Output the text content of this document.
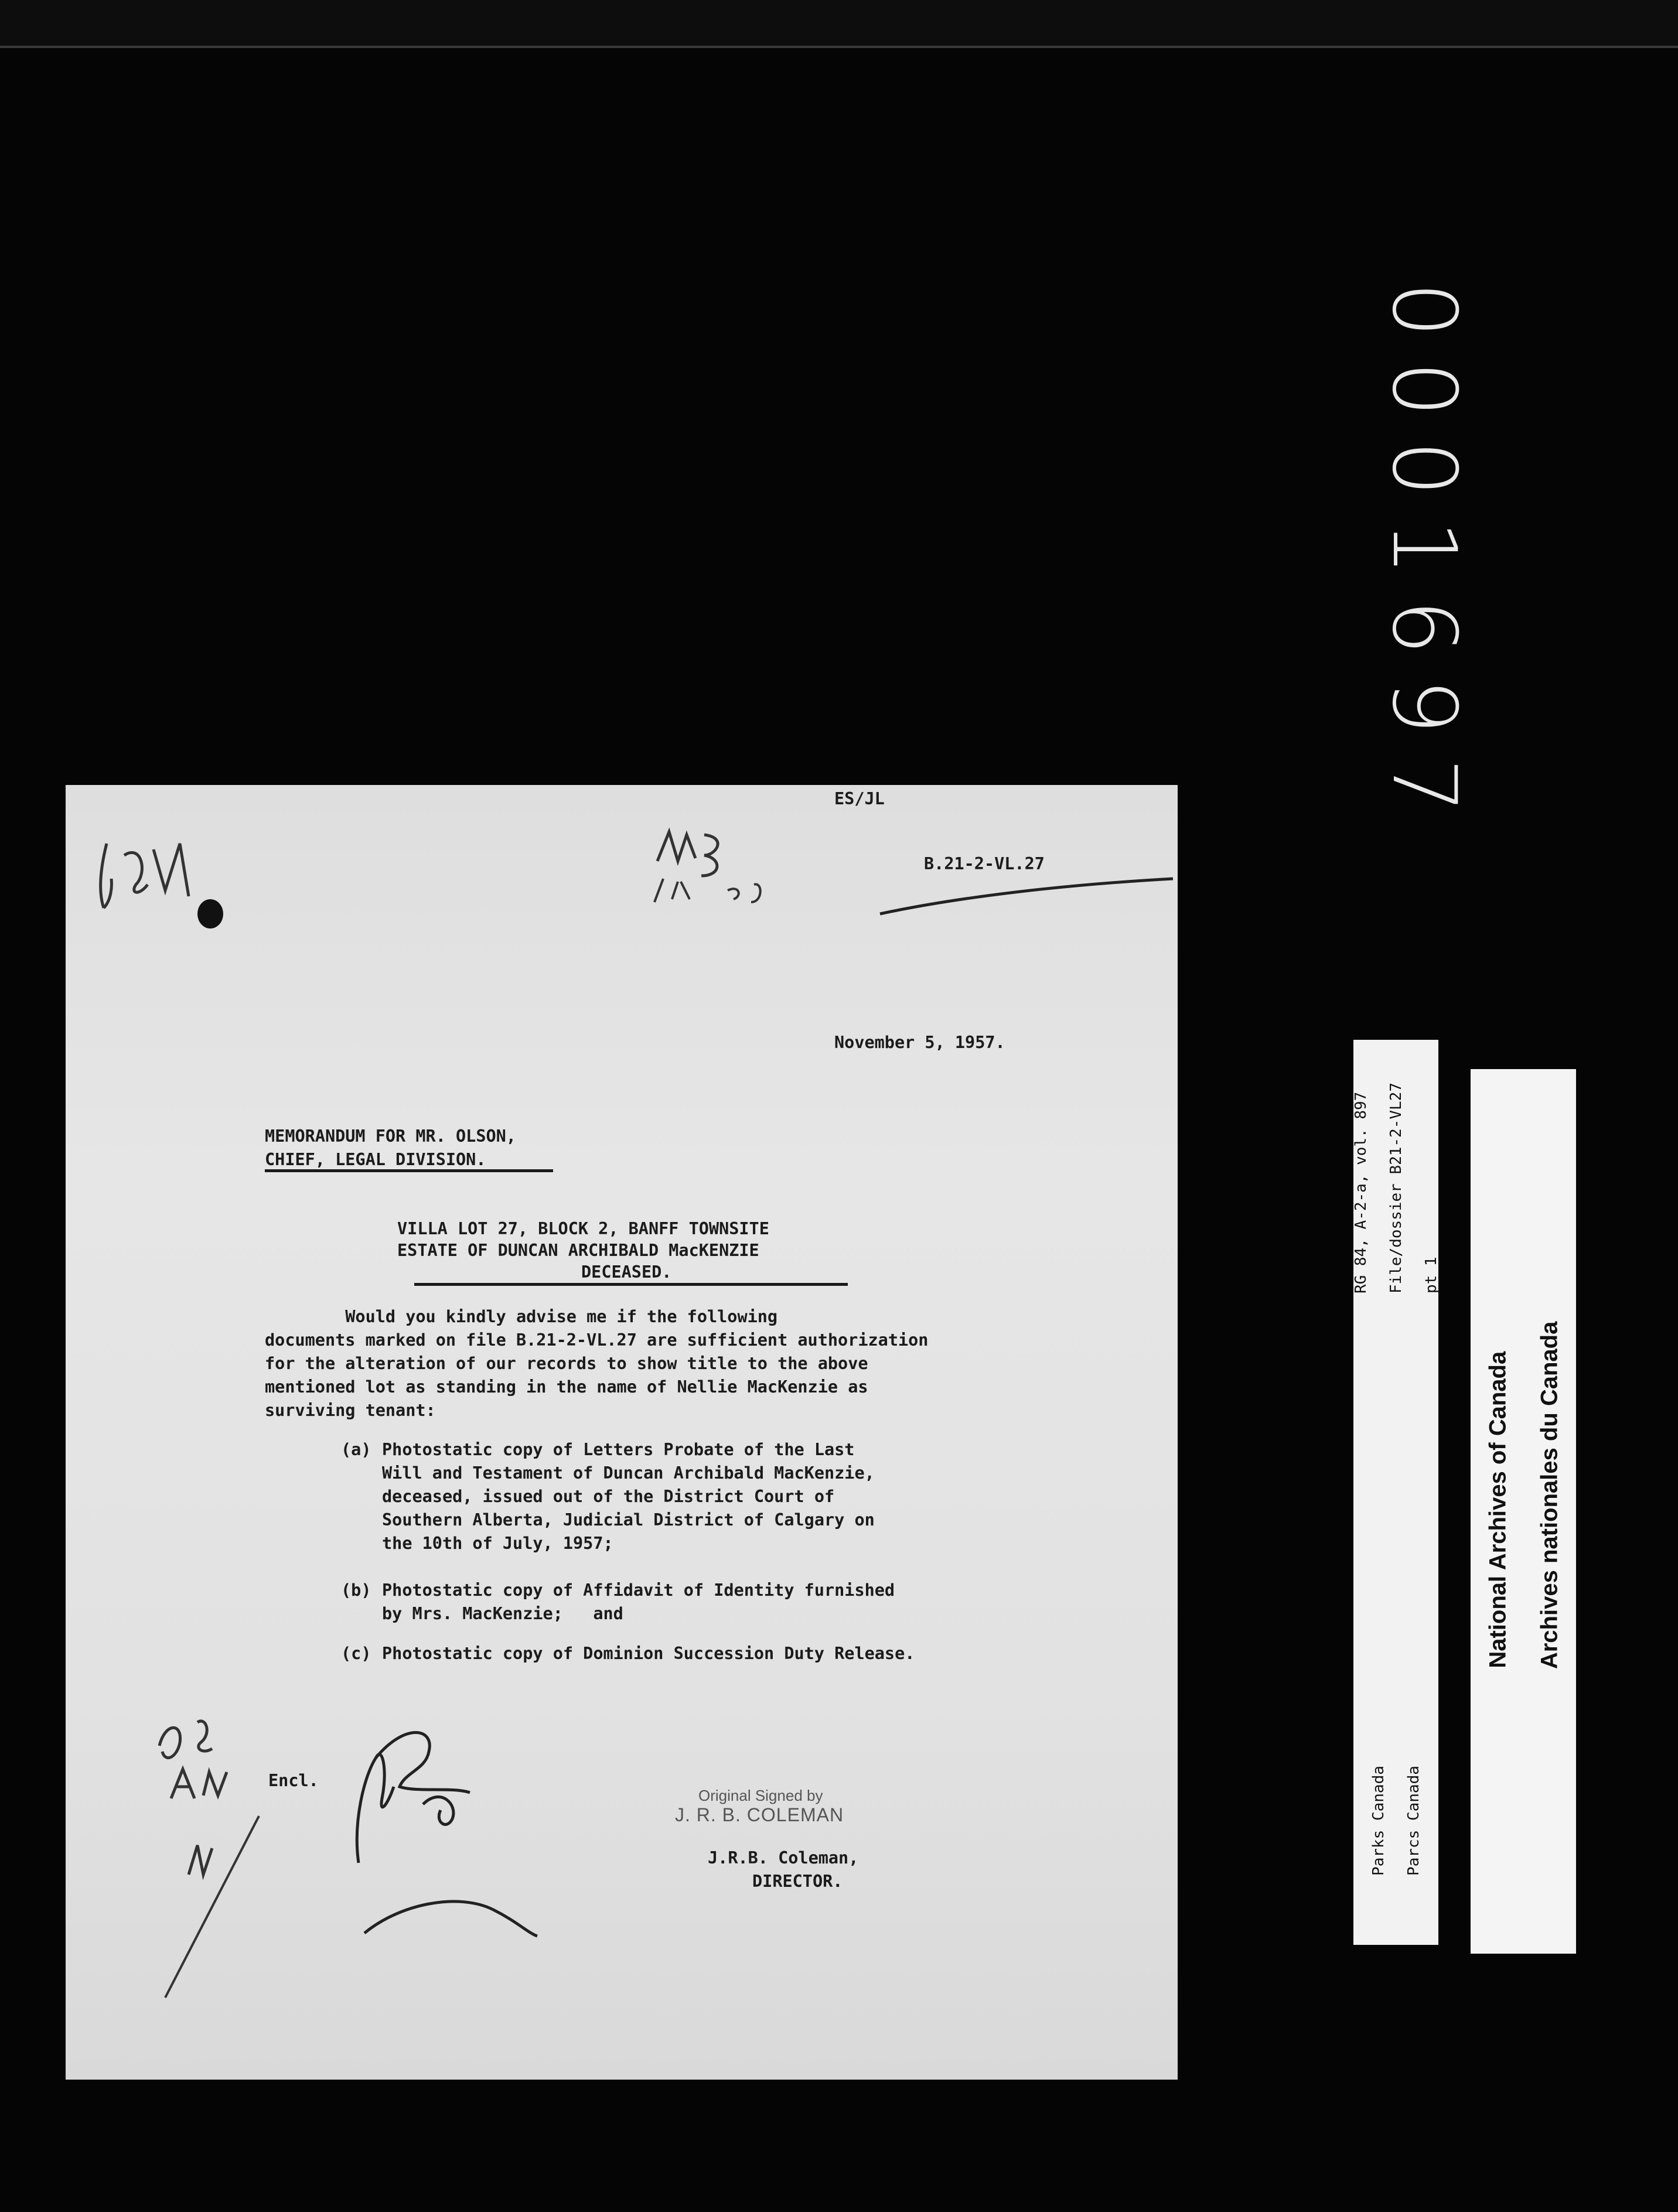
0001697
ES/JL
B.21-2-VL.27
November 5, 1957.
MEMORANDUM FOR MR. OLSON,
CHIEF, LEGAL DIVISION.
VILLA LOT 27, BLOCK 2, BANFF TOWNSITE
ESTATE OF DUNCAN ARCHIBALD MacKENZIE
DECEASED.
Would you kindly advise me if the following
documents marked on file B.21-2-VL.27 are sufficient authorization
for the alteration of our records to show title to the above
mentioned lot as standing in the name of Nellie MacKenzie as
surviving tenant:
(a) Photostatic copy of Letters Probate of the Last
Will and Testament of Duncan Archibald MacKenzie,
deceased, issued out of the District Court of
Southern Alberta, Judicial District of Calgary on
the 10th of July, 1957;
(b) Photostatic copy of Affidavit of Identity furnished
by Mrs. MacKenzie;   and
(c) Photostatic copy of Dominion Succession Duty Release.
Encl.
Original Signed by
J. R. B. COLEMAN
J.R.B. Coleman,
DIRECTOR.

RG 84, A-2-a, vol. 897 File/dossier B21-2-VL27 pt 1

Parks Canada Parcs Canada

National Archives of Canada Archives nationales du Canada
